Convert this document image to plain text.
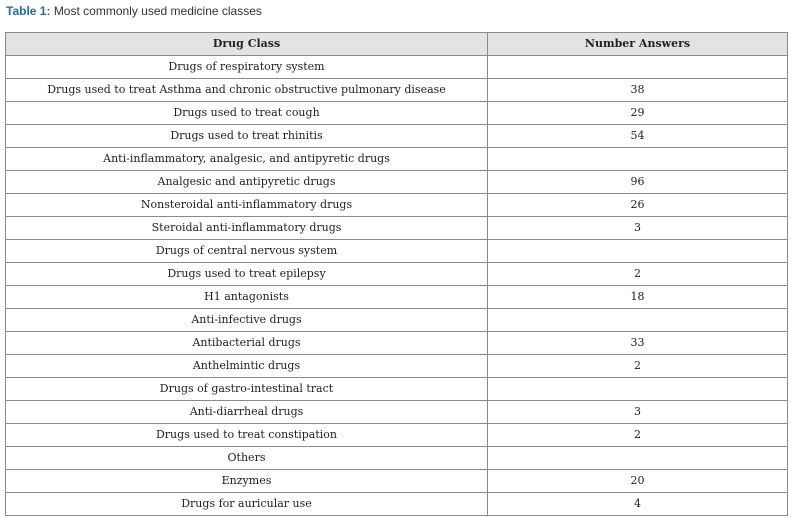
Table 1: Most commonly used medicine classes
Drug Class	Number Answers
Drugs of respiratory system	
Drugs used to treat Asthma and chronic obstructive pulmonary disease	38
Drugs used to treat cough	29
Drugs used to treat rhinitis	54
Anti-inflammatory, analgesic, and antipyretic drugs	
Analgesic and antipyretic drugs	96
Nonsteroidal anti-inflammatory drugs	26
Steroidal anti-inflammatory drugs	3
Drugs of central nervous system	
Drugs used to treat epilepsy	2
H1 antagonists	18
Anti-infective drugs	
Antibacterial drugs	33
Anthelmintic drugs	2
Drugs of gastro-intestinal tract	
Anti-diarrheal drugs	3
Drugs used to treat constipation	2
Others	
Enzymes	20
Drugs for auricular use	4
